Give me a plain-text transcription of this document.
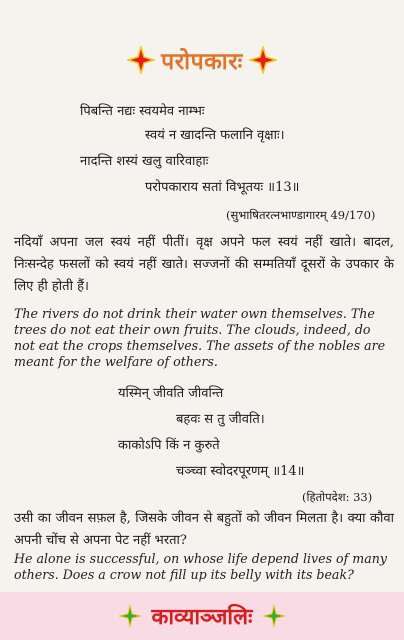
परोपकारः
पिबन्ति नद्यः स्वयमेव नाम्भः
स्वयं न खादन्ति फलानि वृक्षाः।
नादन्ति शस्यं खलु वारिवाहाः
परोपकाराय सतां विभूतयः ॥13॥
(सुभाषितरत्नभाण्डागारम् 49/170)
नदियाँ अपना जल स्वयं नहीं पीतीं। वृक्ष अपने फल स्वयं नहीं खाते। बादल, निःसन्देह फसलों को स्वयं नहीं खाते। सज्जनों की सम्मतियाँ दूसरों के उपकार के लिए ही होती हैं।
The rivers do not drink their water own themselves. The trees do not eat their own fruits. The clouds, indeed, do not eat the crops themselves. The assets of the nobles are meant for the welfare of others.
यस्मिन् जीवति जीवन्ति
बहवः स तु जीवति।
काकोऽपि किं न कुरुते
चञ्च्वा स्वोदरपूरणम् ॥14॥
(हितोपदेश: 33)
उसी का जीवन सफ़ल है, जिसके जीवन से बहुतों को जीवन मिलता है। क्या कौवा अपनी चोंच से अपना पेट नहीं भरता?
He alone is successful, on whose life depend lives of many others. Does a crow not fill up its belly with its beak?
काव्याञ्जलिः
